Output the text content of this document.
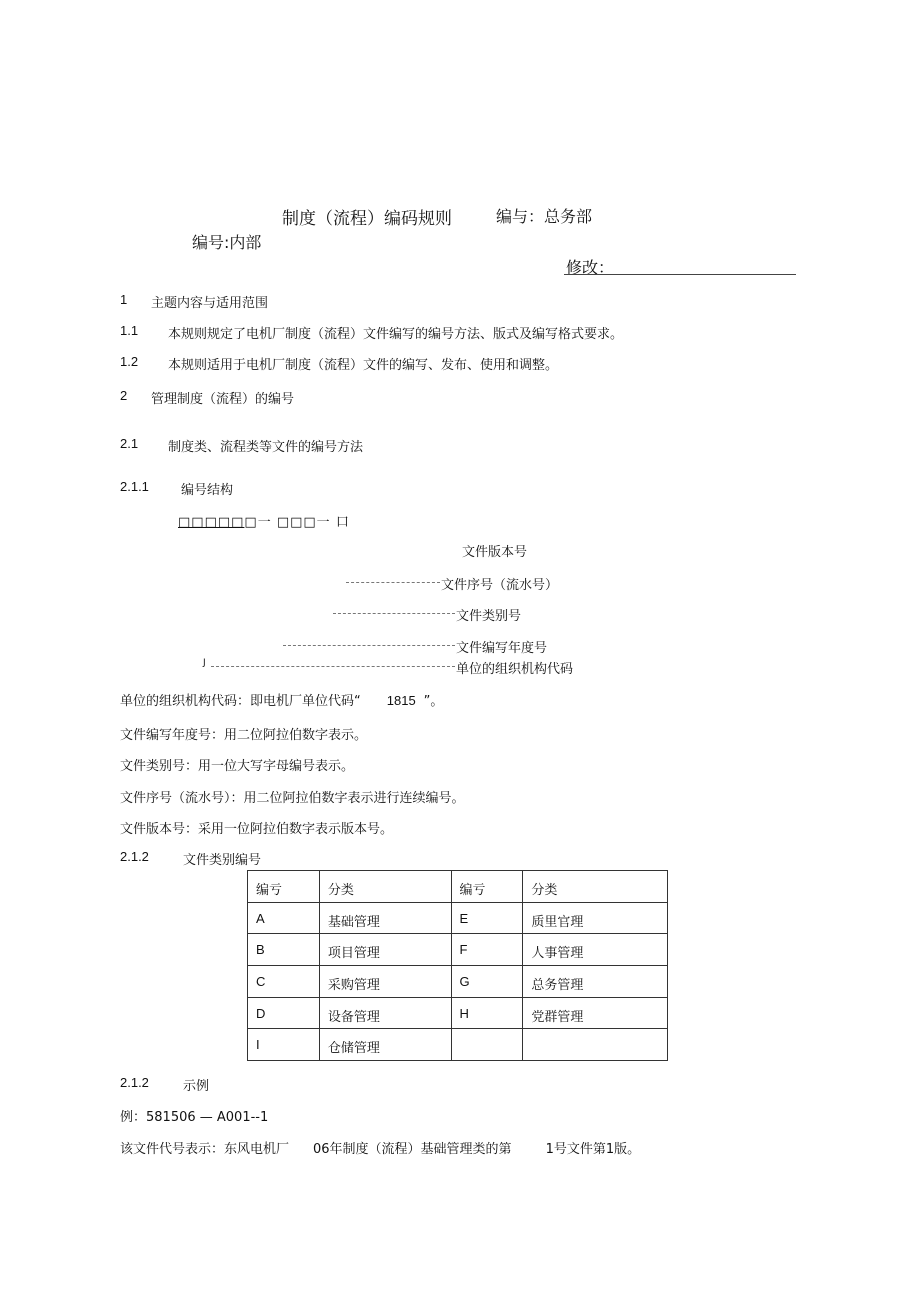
制度（流程）编码规则	编与：总务部
编号:内部
修改：
1 主题内容与适用范围
1.1 本规则规定了电机厂制度（流程）文件编写的编号方法、版式及编写格式要求。
1.2 本规则适用于电机厂制度（流程）文件的编写、发布、使用和调整。
2 管理制度（流程）的编号
2.1 制度类、流程类等文件的编号方法
2.1.1 编号结构
□□□□□□一 □□□一 口
文件版本号
文件序号（流水号）
文件类别号
文件编写年度号
J	单位的组织机构代码
单位的组织机构代码：即电机厂单位代码“ 1815 ”。
文件编写年度号：用二位阿拉伯数字表示。
文件类别号：用一位大写字母编号表示。
文件序号（流水号）：用二位阿拉伯数字表示进行连续编号。
文件版本号：采用一位阿拉伯数字表示版本号。
2.1.2	文件类别编号
编亏	分类	编亏	分类
A	基础管理	E	质里官理
B	项目管理	F	人事管理
C	采购管理	G	总务管理
D	设备管理	H	党群管理
I	仓储管理		
2.1.2	示例
例：581506 — A001--1
该文件代号表示：东风电机厂 06年制度（流程）基础管理类的第	1号文件第1版。
